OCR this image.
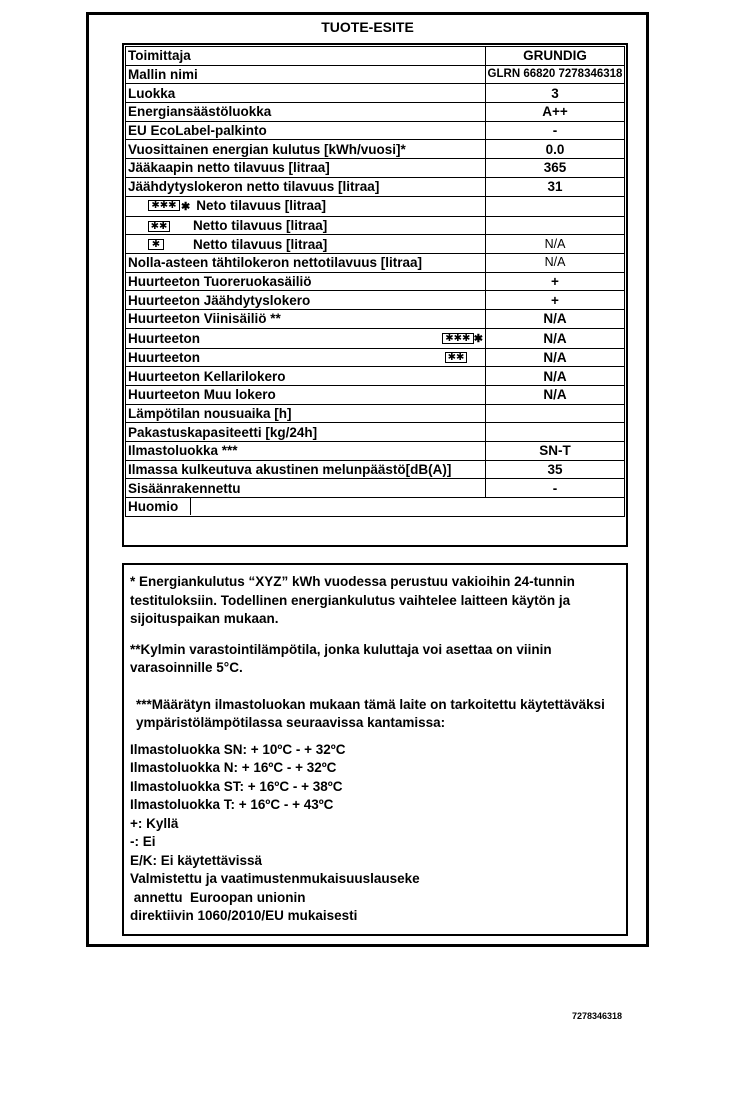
TUOTE-ESITE
Toimittaja	GRUNDIG
Mallin nimi	GLRN 66820 7278346318
Luokka	3
Energiansäästöluokka	A++
EU EcoLabel-palkinto	-
Vuosittainen energian kulutus [kWh/vuosi]*	0.0
Jääkaapin netto tilavuus [litraa]	365
Jäähdytyslokeron netto tilavuus [litraa]	31
✱✱✱ ✱ Neto tilavuus [litraa]	
✱✱ Netto tilavuus [litraa]	
✱ Netto tilavuus [litraa]	N/A
Nolla-asteen tähtilokeron nettotilavuus [litraa]	N/A
Huurteeton Tuoreruokasäiliö	+
Huurteeton Jäähdytyslokero	+
Huurteeton Viinisäiliö **	N/A

Huurteeton ✱✱✱ ✱	N/A

Huurteeton ✱✱	N/A
Huurteeton Kellarilokero	N/A
Huurteeton Muu lokero	N/A
Lämpötilan nousuaika [h]	
Pakastuskapasiteetti [kg/24h]	
Ilmastoluokka ***	SN-T
Ilmassa kulkeutuva akustinen melunpäästö[dB(A)]	35
Sisäänrakennettu	-

Huomio	

* Energiankulutus “XYZ” kWh vuodessa perustuu vakioihin 24-tunnin testituloksiin. Todellinen energiankulutus vaihtelee laitteen käytön ja sijoituspaikan mukaan.

**Kylmin varastointilämpötila, jonka kuluttaja voi asettaa on viinin varasoinnille 5°C.

***Määrätyn ilmastoluokan mukaan tämä laite on tarkoitettu käytettäväksi ympäristölämpötilassa seuraavissa kantamissa:

Ilmastoluokka SN: + 10ºC - + 32ºC

Ilmastoluokka N: + 16ºC - + 32ºC

Ilmastoluokka ST: + 16ºC - + 38ºC

Ilmastoluokka T: + 16ºC - + 43ºC

+: Kyllä

-: Ei

E/K: Ei käytettävissä

Valmistettu ja vaatimustenmukaisuuslauseke

annettu  Euroopan unionin

direktiivin 1060/2010/EU mukaisesti

7278346318
